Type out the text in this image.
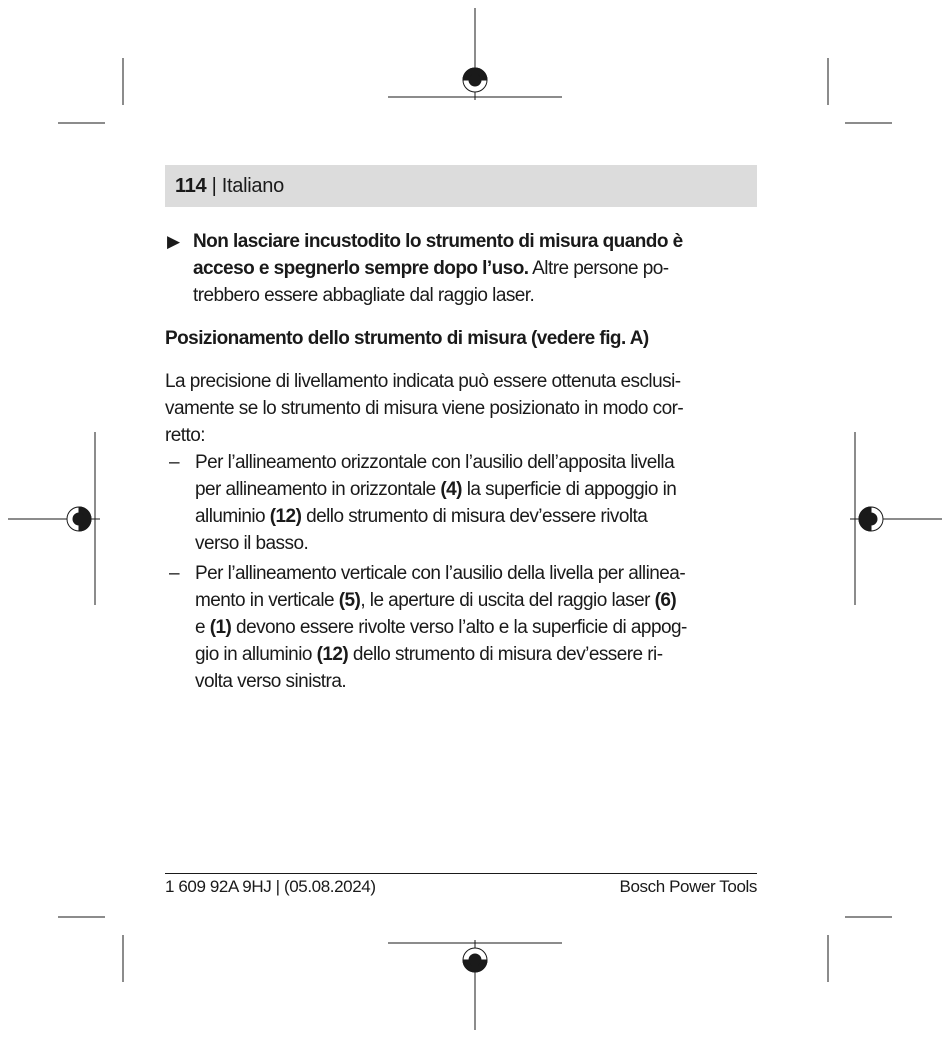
114 | Italiano

▶ Non lasciare incustodito lo strumento di misura quando è
acceso e spegnerlo sempre dopo l’uso. Altre persone po-
trebbero essere abbagliate dal raggio laser.

Posizionamento dello strumento di misura (vedere fig. A)

La precisione di livellamento indicata può essere ottenuta esclusi-
vamente se lo strumento di misura viene posizionato in modo cor-
retto:

– Per l’allineamento orizzontale con l’ausilio dell’apposita livella
per allineamento in orizzontale (4) la superficie di appoggio in
alluminio (12) dello strumento di misura dev’essere rivolta
verso il basso.
– Per l’allineamento verticale con l’ausilio della livella per allinea-
mento in verticale (5), le aperture di uscita del raggio laser (6)
e (1) devono essere rivolte verso l’alto e la superficie di appog-
gio in alluminio (12) dello strumento di misura dev’essere ri-
volta verso sinistra.
1 609 92A 9HJ | (05.08.2024)	Bosch Power Tools
